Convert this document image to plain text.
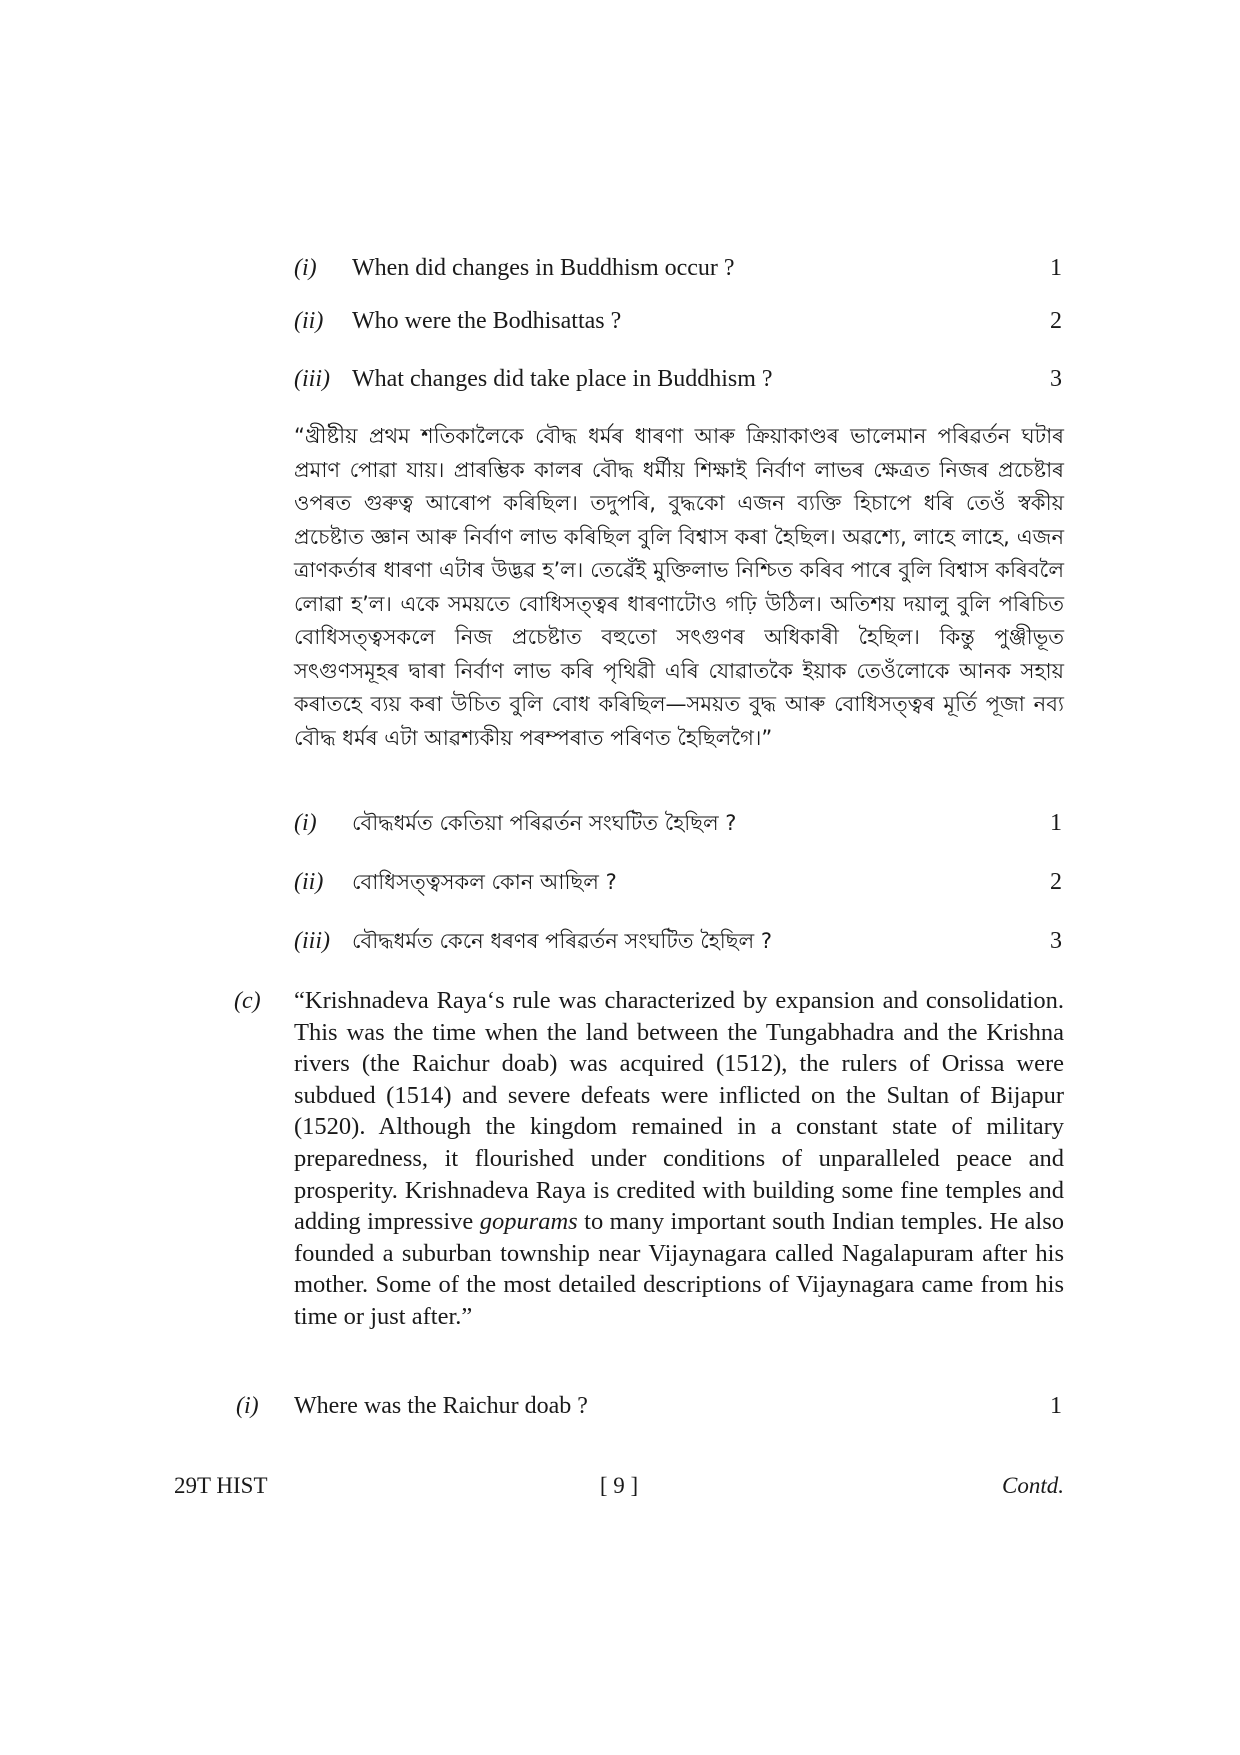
(i) When did changes in Buddhism occur ?	1
(ii) Who were the Bodhisattas ?	2
(iii) What changes did take place in Buddhism ?	3
“খ্ৰীষ্টীয় প্ৰথম শতিকালৈকে বৌদ্ধ ধৰ্মৰ ধাৰণা আৰু ক্ৰিয়াকাণ্ডৰ ভালেমান পৰিৱৰ্তন ঘটাৰ প্ৰমাণ পোৱা যায়। প্ৰাৰম্ভিক কালৰ বৌদ্ধ ধৰ্মীয় শিক্ষাই নিৰ্বাণ লাভৰ ক্ষেত্ৰত নিজৰ প্ৰচেষ্টাৰ ওপৰত গুৰুত্ব আৰোপ কৰিছিল। তদুপৰি, বুদ্ধকো এজন ব্যক্তি হিচাপে ধৰি তেওঁ স্বকীয় প্ৰচেষ্টাত জ্ঞান আৰু নিৰ্বাণ লাভ কৰিছিল বুলি বিশ্বাস কৰা হৈছিল। অৱশ্যে, লাহে লাহে, এজন ত্ৰাণকৰ্তাৰ ধাৰণা এটাৰ উদ্ভৱ হ’ল। তেৱেঁই মুক্তিলাভ নিশ্চিত কৰিব পাৰে বুলি বিশ্বাস কৰিবলৈ লোৱা হ’ল। একে সময়তে বোধিসত্ত্বৰ ধাৰণাটোও গঢ়ি উঠিল। অতিশয় দয়ালু বুলি পৰিচিত বোধিসত্ত্বসকলে নিজ প্ৰচেষ্টাত বহুতো সৎগুণৰ অধিকাৰী হৈছিল। কিন্তু পুঞ্জীভূত সৎগুণসমূহৰ দ্বাৰা নিৰ্বাণ লাভ কৰি পৃথিৱী এৰি যোৱাতকৈ ইয়াক তেওঁলোকে আনক সহায় কৰাতহে ব্যয় কৰা উচিত বুলি বোধ কৰিছিল—সময়ত বুদ্ধ আৰু বোধিসত্ত্বৰ মূৰ্তি পূজা নব্য বৌদ্ধ ধৰ্মৰ এটা আৱশ্যকীয় পৰম্পৰাত পৰিণত হৈছিলগৈ।”
(i) বৌদ্ধধৰ্মত কেতিয়া পৰিৱৰ্তন সংঘটিত হৈছিল ?	1
(ii) বোধিসত্ত্বসকল কোন আছিল ?	2
(iii) বৌদ্ধধৰ্মত কেনে ধৰণৰ পৰিৱৰ্তন সংঘটিত হৈছিল ?	3
(c) “Krishnadeva Raya‘s rule was characterized by expansion and consolidation. This was the time when the land between the Tungabhadra and the Krishna rivers (the Raichur doab) was acquired (1512), the rulers of Orissa were subdued (1514) and severe defeats were inflicted on the Sultan of Bijapur (1520). Although the kingdom remained in a constant state of military preparedness, it flourished under conditions of unparalleled peace and prosperity. Krishnadeva Raya is credited with building some fine temples and adding impressive gopurams to many important south Indian temples. He also founded a suburban township near Vijaynagara called Nagalapuram after his mother. Some of the most detailed descriptions of Vijaynagara came from his time or just after.”
(i) Where was the Raichur doab ?	1
29T HIST	[ 9 ]	Contd.
